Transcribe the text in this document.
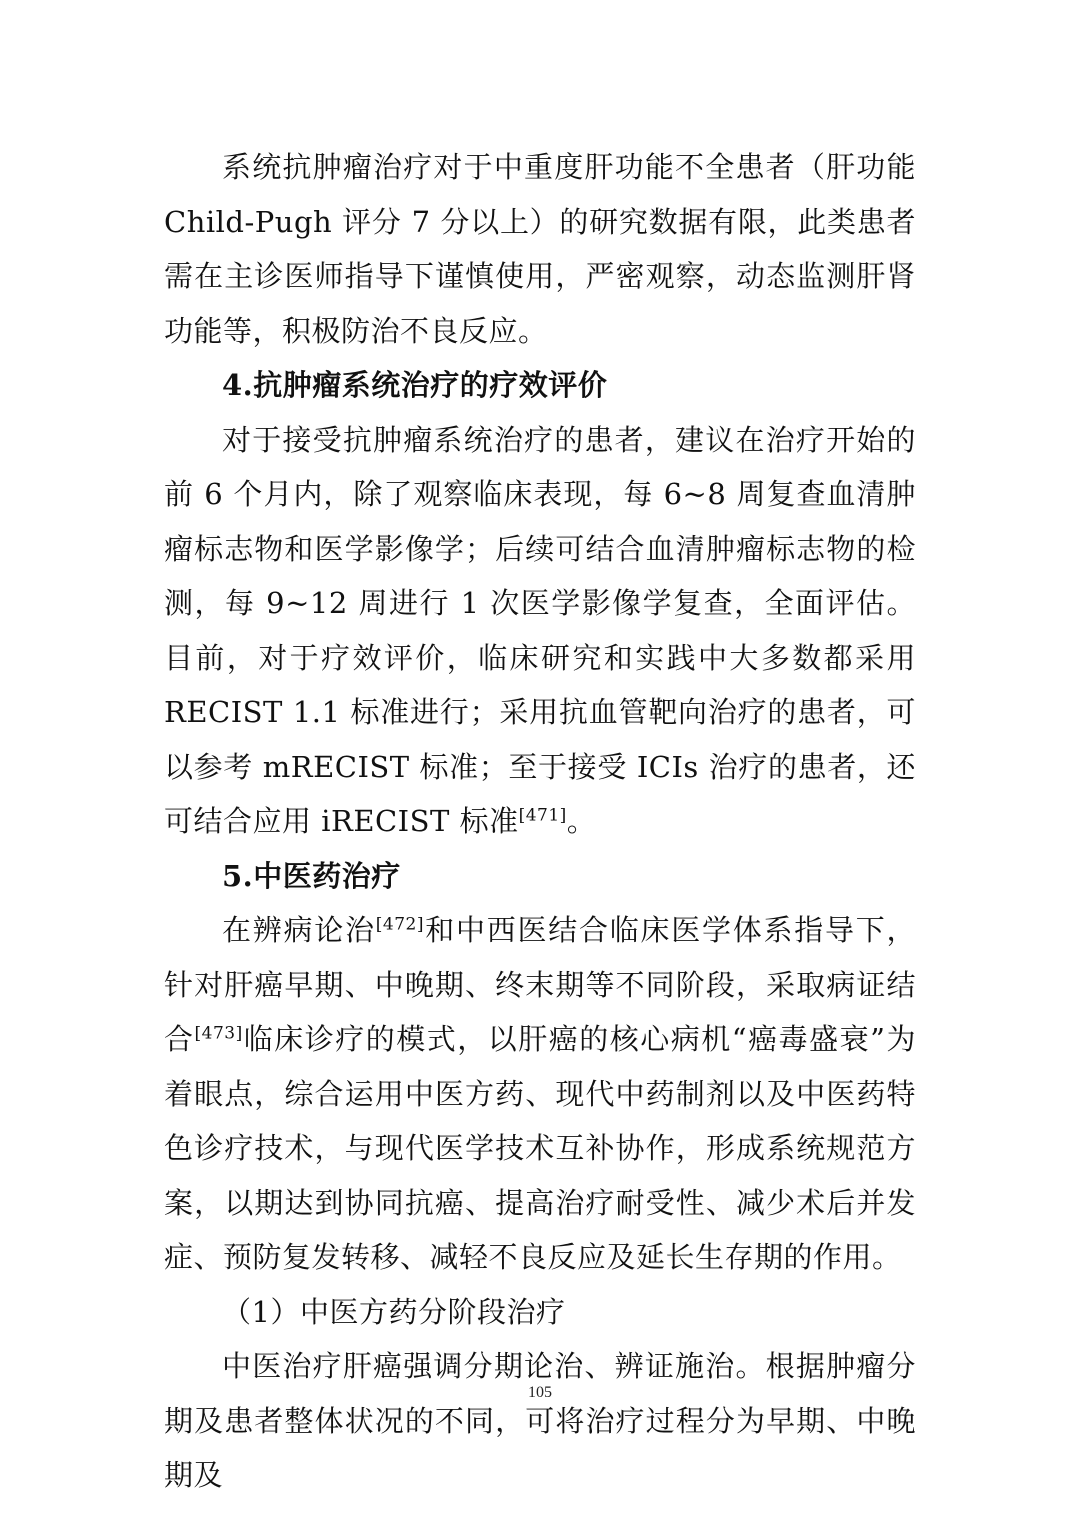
系统抗肿瘤治疗对于中重度肝功能不全患者（肝功能 Child-Pugh 评分 7 分以上）的研究数据有限，此类患者需在主诊医师指导下谨慎使用，严密观察，动态监测肝肾功能等，积极防治不良反应。

4.抗肿瘤系统治疗的疗效评价

对于接受抗肿瘤系统治疗的患者，建议在治疗开始的前 6 个月内，除了观察临床表现，每 6~8 周复查血清肿瘤标志物和医学影像学；后续可结合血清肿瘤标志物的检测，每 9~12 周进行 1 次医学影像学复查，全面评估。目前，对于疗效评价，临床研究和实践中大多数都采用 RECIST 1.1 标准进行；采用抗血管靶向治疗的患者，可以参考 mRECIST 标准；至于接受 ICIs 治疗的患者，还可结合应用 iRECIST 标准[471]。

5.中医药治疗

在辨病论治[472]和中西医结合临床医学体系指导下，针对肝癌早期、中晚期、终末期等不同阶段，采取病证结合[473]临床诊疗的模式，以肝癌的核心病机“癌毒盛衰”为着眼点，综合运用中医方药、现代中药制剂以及中医药特色诊疗技术，与现代医学技术互补协作，形成系统规范方案，以期达到协同抗癌、提高治疗耐受性、减少术后并发症、预防复发转移、减轻不良反应及延长生存期的作用。

（1）中医方药分阶段治疗

中医治疗肝癌强调分期论治、辨证施治。根据肿瘤分期及患者整体状况的不同，可将治疗过程分为早期、中晚期及

105
